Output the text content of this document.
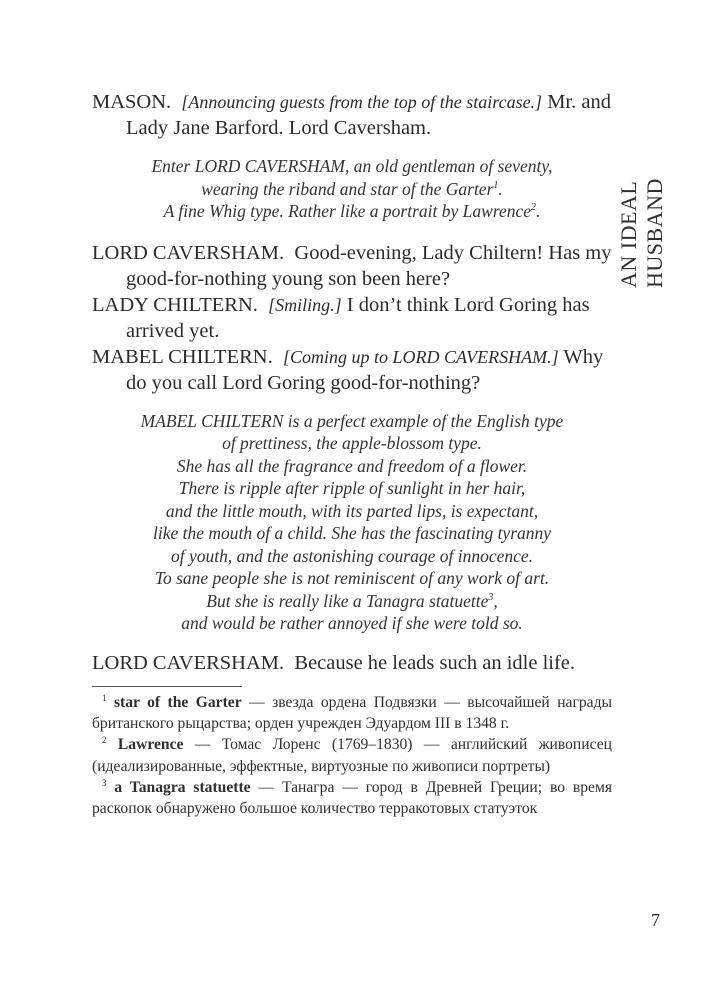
AN IDEAL HUSBAND

MASON. [Announcing guests from the top of the staircase.] Mr. and Lady Jane Barford. Lord Caversham.

Enter LORD CAVERSHAM, an old gentleman of seventy,
wearing the riband and star of the Garter$^1$.
A fine Whig type. Rather like a portrait by Lawrence$^2$.

LORD CAVERSHAM. Good-evening, Lady Chiltern! Has my good-for-nothing young son been here?

LADY CHILTERN. [Smiling.] I don’t think Lord Goring has arrived yet.

MABEL CHILTERN. [Coming up to LORD CAVERSHAM.] Why do you call Lord Goring good-for-nothing?

MABEL CHILTERN is a perfect example of the English type
of prettiness, the apple-blossom type.
She has all the fragrance and freedom of a flower.
There is ripple after ripple of sunlight in her hair,
and the little mouth, with its parted lips, is expectant,
like the mouth of a child. She has the fascinating tyranny
of youth, and the astonishing courage of innocence.
To sane people she is not reminiscent of any work of art.
But she is really like a Tanagra statuette$^3$,
and would be rather annoyed if she were told so.

LORD CAVERSHAM. Because he leads such an idle life.

$^1$ star of the Garter — звезда ордена Подвязки — высочайшей награды британского рыцарства; орден учрежден Эдуардом III в 1348 г.

$^2$ Lawrence — Томас Лоренс (1769–1830) — английский живописец (идеализированные, эффектные, виртуозные по живописи портреты)

$^3$ a Tanagra statuette — Танагра — город в Древней Греции; во время раскопок обнаружено большое количество терракотовых статуэток

7
